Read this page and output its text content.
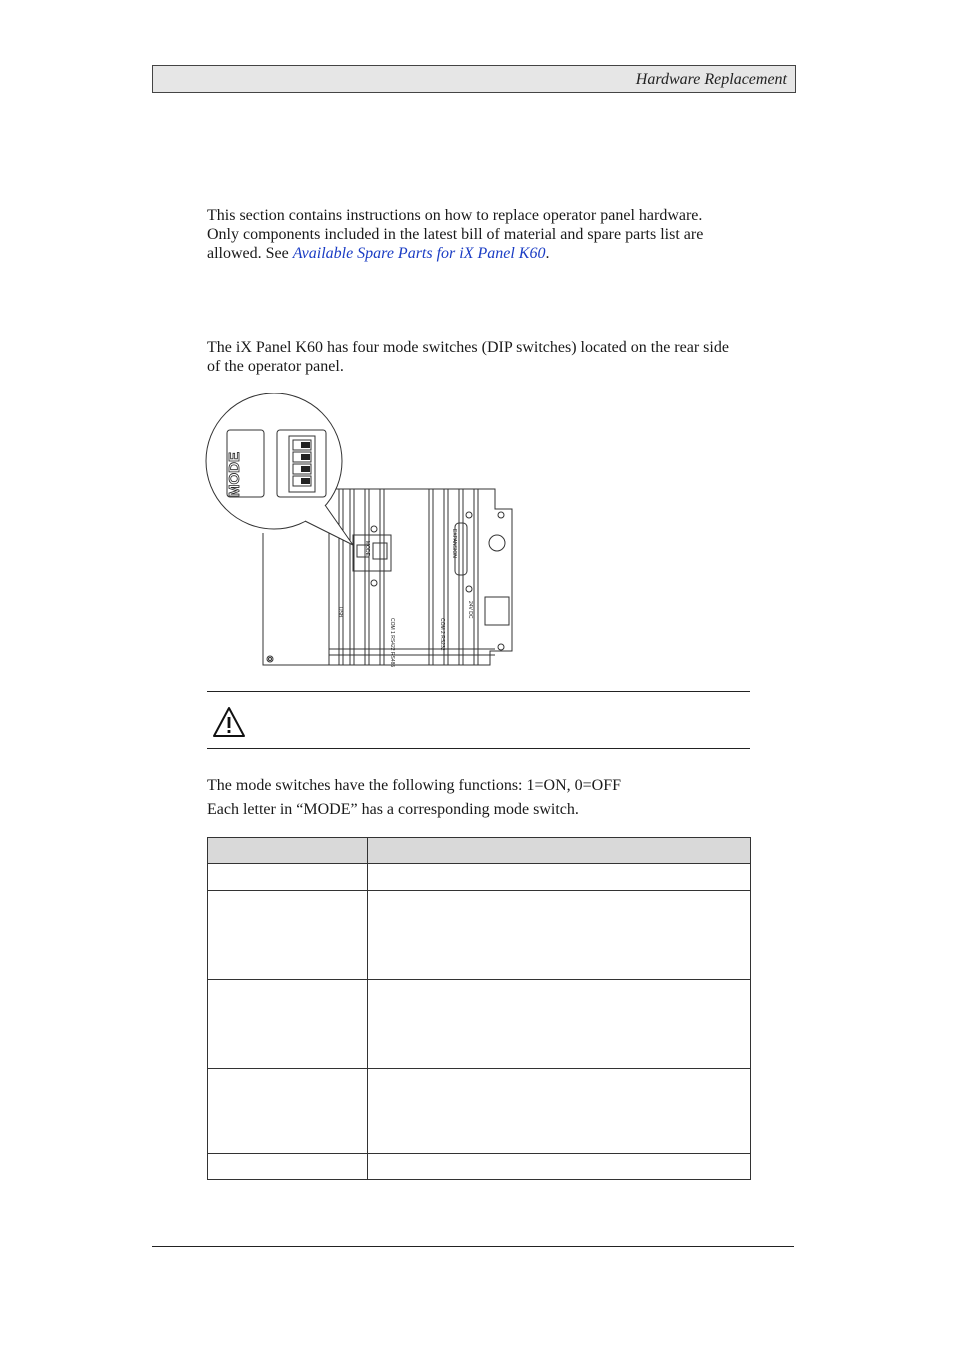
Hardware Replacement

This section contains instructions on how to replace operator panel hardware.

Only components included in the latest bill of material and spare parts list are

allowed. See Available Spare Parts for iX Panel K60.

The iX Panel K60 has four mode switches (DIP switches) located on the rear side

of the operator panel.

MODE
MODE	EXPANSION
COM 1 RS422 RS485	COM 2 RS232
USB	24V DC

The mode switches have the following functions: 1=ON, 0=OFF

Each letter in “MODE” has a corresponding mode switch.
